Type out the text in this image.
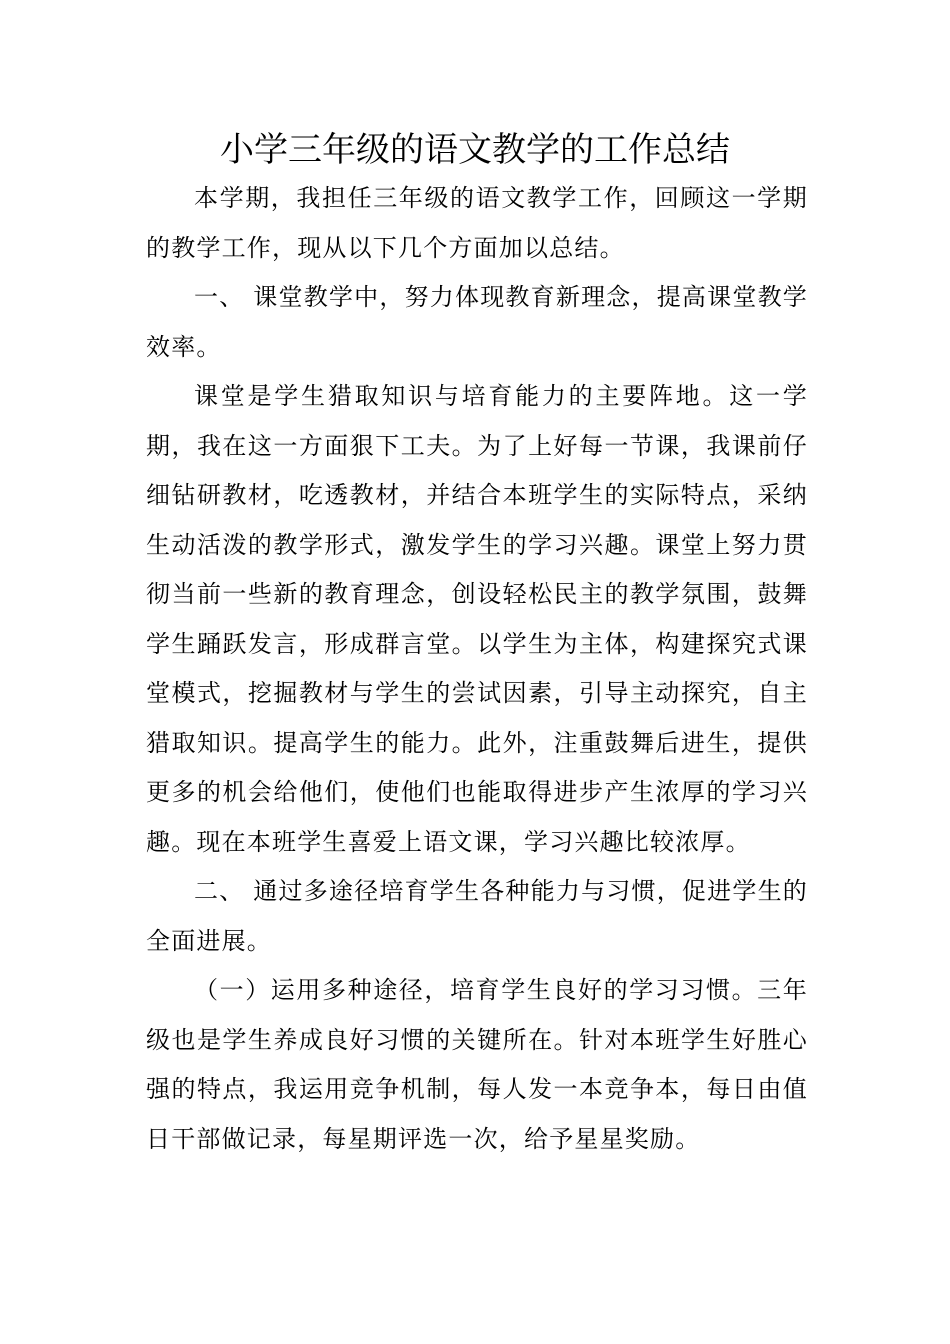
小学三年级的语文教学的工作总结

本学期，我担任三年级的语文教学工作，回顾这一学期的教学工作，现从以下几个方面加以总结。

一、 课堂教学中，努力体现教育新理念，提高课堂教学效率。

课堂是学生猎取知识与培育能力的主要阵地。这一学期，我在这一方面狠下工夫。为了上好每一节课，我课前仔细钻研教材，吃透教材，并结合本班学生的实际特点，采纳生动活泼的教学形式，激发学生的学习兴趣。课堂上努力贯彻当前一些新的教育理念，创设轻松民主的教学氛围，鼓舞学生踊跃发言，形成群言堂。以学生为主体，构建探究式课堂模式，挖掘教材与学生的尝试因素，引导主动探究，自主猎取知识。提高学生的能力。此外，注重鼓舞后进生，提供更多的机会给他们，使他们也能取得进步产生浓厚的学习兴趣。现在本班学生喜爱上语文课，学习兴趣比较浓厚。

二、 通过多途径培育学生各种能力与习惯，促进学生的全面进展。

（一）运用多种途径，培育学生良好的学习习惯。三年级也是学生养成良好习惯的关键所在。针对本班学生好胜心强的特点，我运用竞争机制，每人发一本竞争本，每日由值日干部做记录，每星期评选一次，给予星星奖励。
